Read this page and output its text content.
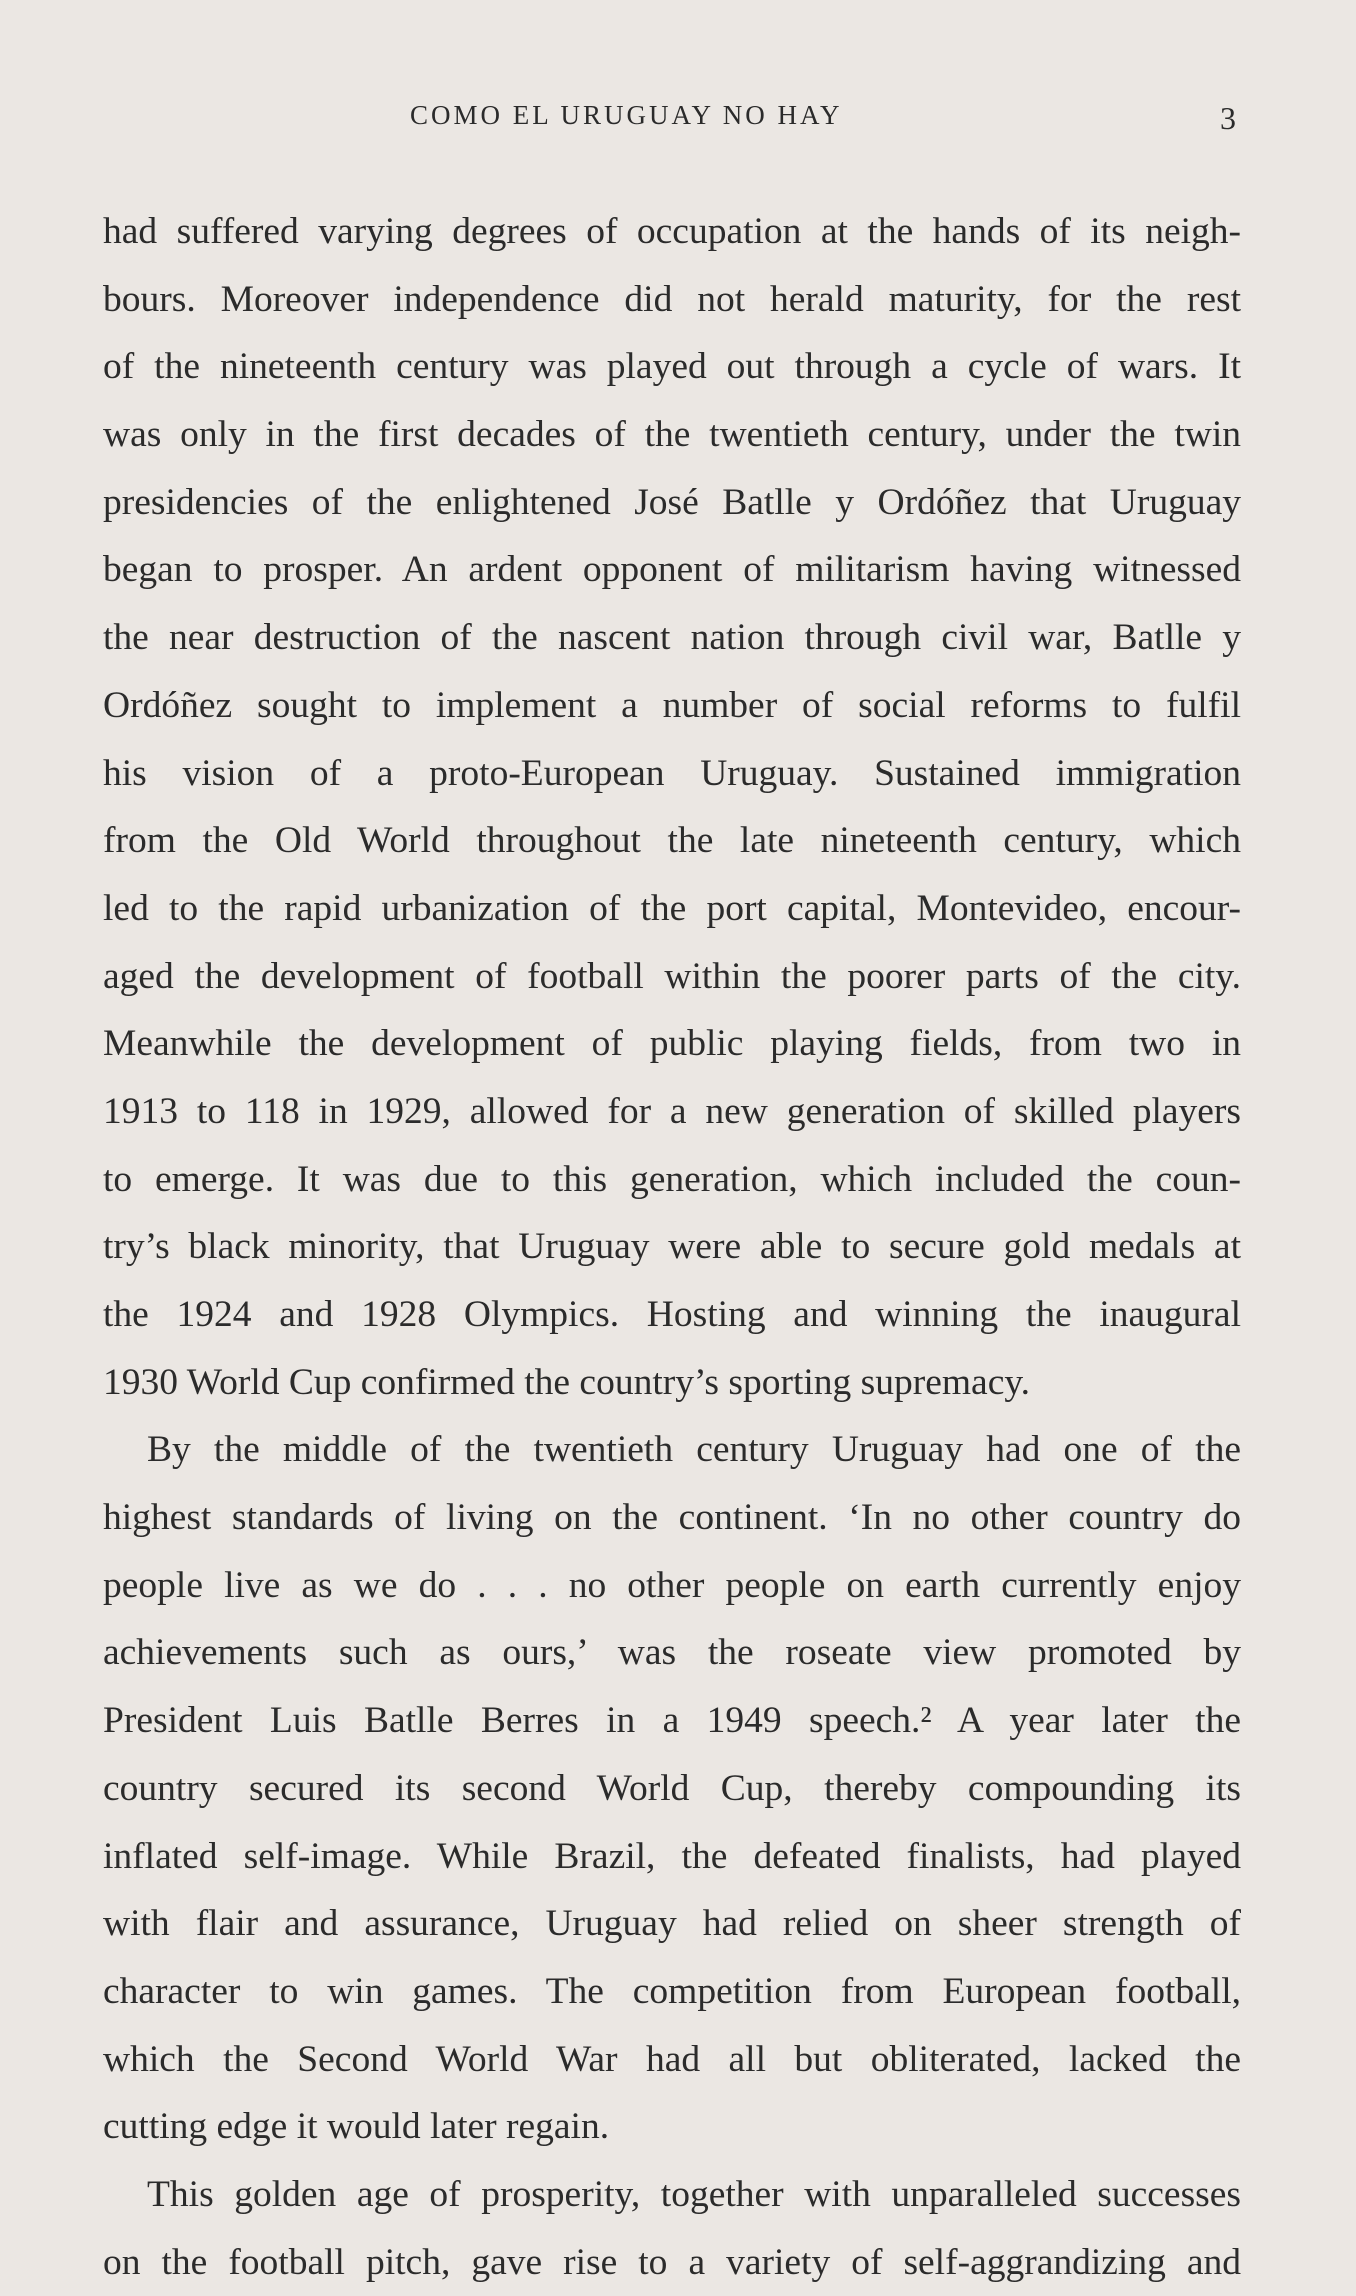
COMO EL URUGUAY NO HAY	3
had suffered varying degrees of occupation at the hands of its neigh-
bours. Moreover independence did not herald maturity, for the rest
of the nineteenth century was played out through a cycle of wars. It
was only in the first decades of the twentieth century, under the twin
presidencies of the enlightened José Batlle y Ordóñez that Uruguay
began to prosper. An ardent opponent of militarism having witnessed
the near destruction of the nascent nation through civil war, Batlle y
Ordóñez sought to implement a number of social reforms to fulfil
his vision of a proto-European Uruguay. Sustained immigration
from the Old World throughout the late nineteenth century, which
led to the rapid urbanization of the port capital, Montevideo, encour-
aged the development of football within the poorer parts of the city.
Meanwhile the development of public playing fields, from two in
1913 to 118 in 1929, allowed for a new generation of skilled players
to emerge. It was due to this generation, which included the coun-
try’s black minority, that Uruguay were able to secure gold medals at
the 1924 and 1928 Olympics. Hosting and winning the inaugural
1930 World Cup confirmed the country’s sporting supremacy.
By the middle of the twentieth century Uruguay had one of the
highest standards of living on the continent. ‘In no other country do
people live as we do . . . no other people on earth currently enjoy
achievements such as ours,’ was the roseate view promoted by
President Luis Batlle Berres in a 1949 speech.² A year later the
country secured its second World Cup, thereby compounding its
inflated self-image. While Brazil, the defeated finalists, had played
with flair and assurance, Uruguay had relied on sheer strength of
character to win games. The competition from European football,
which the Second World War had all but obliterated, lacked the
cutting edge it would later regain.
This golden age of prosperity, together with unparalleled successes
on the football pitch, gave rise to a variety of self-aggrandizing and
